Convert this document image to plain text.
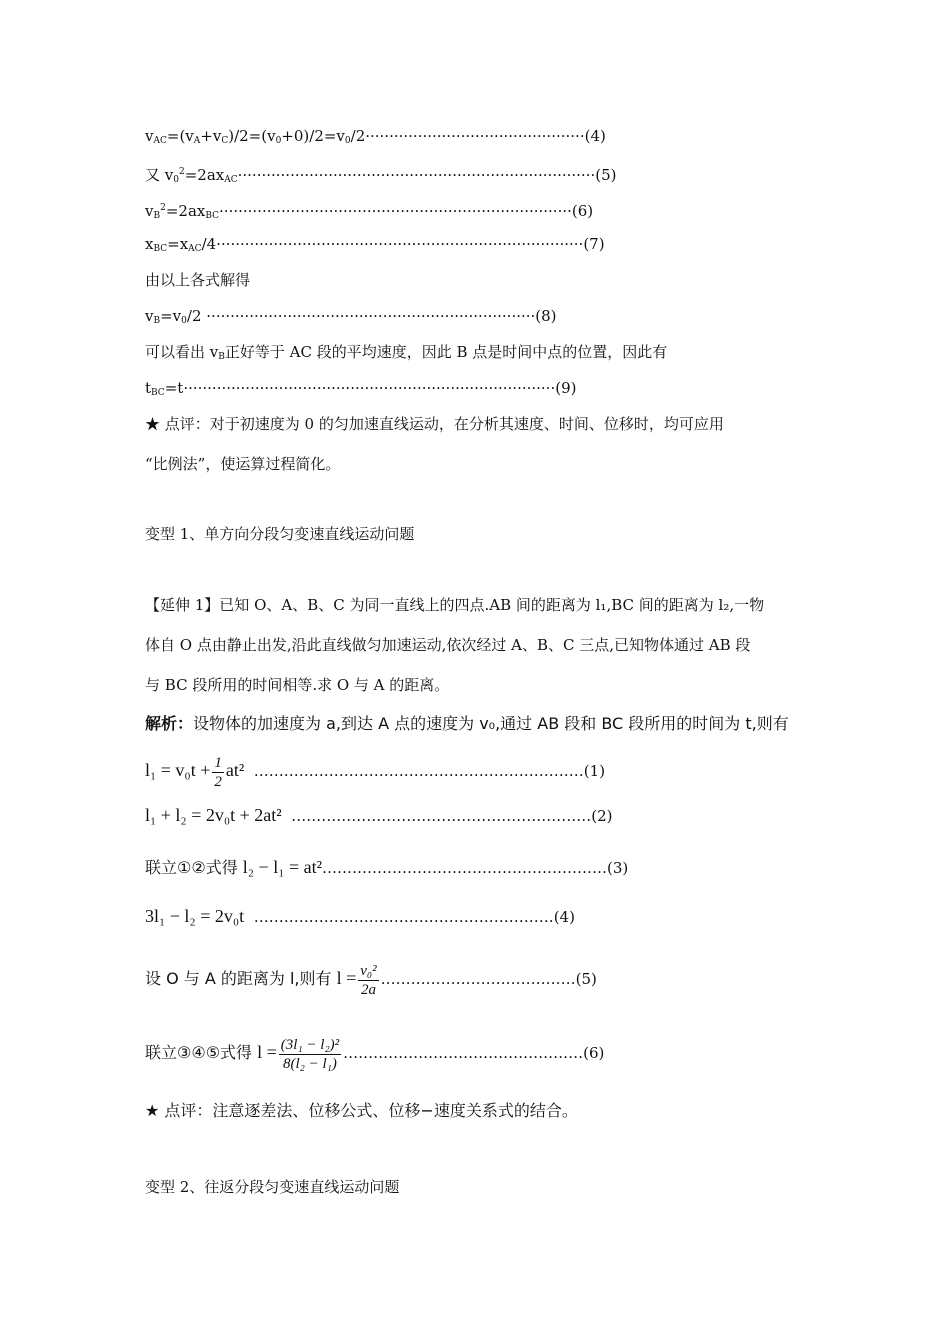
$v_{AC}=(v_A+v_C)/2=(v_0+0)/2=v_0/2\cdot\cdot\cdot\cdot\cdot\cdot\cdot\cdot\cdot\cdot\cdot\cdot\cdot\cdot\cdot\cdot\cdot\cdot\cdot\cdot\cdot\cdot\cdot\cdot\cdot\cdot\cdot\cdot\cdot\cdot\cdot\cdot\cdot\cdot\cdot\cdot\cdot\cdot\cdot\cdot\cdot\cdot\cdot\cdot\cdot\cdot(4)$
又 $v_0^2=2ax_{AC}\cdot\cdot\cdot\cdot\cdot\cdot\cdot\cdot\cdot\cdot\cdot\cdot\cdot\cdot\cdot\cdot\cdot\cdot\cdot\cdot\cdot\cdot\cdot\cdot\cdot\cdot\cdot\cdot\cdot\cdot\cdot\cdot\cdot\cdot\cdot\cdot\cdot\cdot\cdot\cdot\cdot\cdot\cdot\cdot\cdot\cdot\cdot\cdot\cdot\cdot\cdot\cdot\cdot\cdot\cdot\cdot\cdot\cdot\cdot\cdot\cdot\cdot\cdot\cdot\cdot\cdot\cdot\cdot\cdot\cdot\cdot\cdot\cdot\cdot\cdot(5)$
$v_B^2=2ax_{BC}\cdot\cdot\cdot\cdot\cdot\cdot\cdot\cdot\cdot\cdot\cdot\cdot\cdot\cdot\cdot\cdot\cdot\cdot\cdot\cdot\cdot\cdot\cdot\cdot\cdot\cdot\cdot\cdot\cdot\cdot\cdot\cdot\cdot\cdot\cdot\cdot\cdot\cdot\cdot\cdot\cdot\cdot\cdot\cdot\cdot\cdot\cdot\cdot\cdot\cdot\cdot\cdot\cdot\cdot\cdot\cdot\cdot\cdot\cdot\cdot\cdot\cdot\cdot\cdot\cdot\cdot\cdot\cdot\cdot\cdot\cdot\cdot\cdot\cdot(6)$
$x_{BC}=x_{AC}/4\cdot\cdot\cdot\cdot\cdot\cdot\cdot\cdot\cdot\cdot\cdot\cdot\cdot\cdot\cdot\cdot\cdot\cdot\cdot\cdot\cdot\cdot\cdot\cdot\cdot\cdot\cdot\cdot\cdot\cdot\cdot\cdot\cdot\cdot\cdot\cdot\cdot\cdot\cdot\cdot\cdot\cdot\cdot\cdot\cdot\cdot\cdot\cdot\cdot\cdot\cdot\cdot\cdot\cdot\cdot\cdot\cdot\cdot\cdot\cdot\cdot\cdot\cdot\cdot\cdot\cdot\cdot\cdot\cdot\cdot\cdot\cdot\cdot\cdot\cdot\cdot\cdot(7)$
由以上各式解得
$v_B=v_0/2 \cdot\cdot\cdot\cdot\cdot\cdot\cdot\cdot\cdot\cdot\cdot\cdot\cdot\cdot\cdot\cdot\cdot\cdot\cdot\cdot\cdot\cdot\cdot\cdot\cdot\cdot\cdot\cdot\cdot\cdot\cdot\cdot\cdot\cdot\cdot\cdot\cdot\cdot\cdot\cdot\cdot\cdot\cdot\cdot\cdot\cdot\cdot\cdot\cdot\cdot\cdot\cdot\cdot\cdot\cdot\cdot\cdot\cdot\cdot\cdot\cdot\cdot\cdot\cdot\cdot\cdot\cdot\cdot\cdot(8)$
可以看出 $v_B$正好等于 AC 段的平均速度，因此 B 点是时间中点的位置，因此有
$t_{BC}=t\cdot\cdot\cdot\cdot\cdot\cdot\cdot\cdot\cdot\cdot\cdot\cdot\cdot\cdot\cdot\cdot\cdot\cdot\cdot\cdot\cdot\cdot\cdot\cdot\cdot\cdot\cdot\cdot\cdot\cdot\cdot\cdot\cdot\cdot\cdot\cdot\cdot\cdot\cdot\cdot\cdot\cdot\cdot\cdot\cdot\cdot\cdot\cdot\cdot\cdot\cdot\cdot\cdot\cdot\cdot\cdot\cdot\cdot\cdot\cdot\cdot\cdot\cdot\cdot\cdot\cdot\cdot\cdot\cdot\cdot\cdot\cdot\cdot\cdot\cdot\cdot\cdot\cdot(9)$
★ 点评：对于初速度为 0 的匀加速直线运动，在分析其速度、时间、位移时，均可应用
“比例法”，使运算过程简化。
变型 1、单方向分段匀变速直线运动问题
【延伸 1】已知 O、A、B、C 为同一直线上的四点.AB 间的距离为 l₁,BC 间的距离为 l₂,一物
体自 O 点由静止出发,沿此直线做匀加速运动,依次经过 A、B、C 三点,已知物体通过 AB 段
与 BC 段所用的时间相等.求 O 与 A 的距离。
解析：设物体的加速度为 a,到达 A 点的速度为 v₀,通过 AB 段和 BC 段所用的时间为 t,则有
$l_1 = v_0t + \frac{1}{2} at^2$ …………………………………………………………(1)
l₁ + l₂ = 2v₀t + 2at² ……………………………………………………(2)
联立①②式得 l₂ − l₁ = at²…………………………………………………(3)
3l₁ − l₂ = 2v₀t ……………………………………………………(4)
设 O 与 A 的距离为 l,则有 $l = \frac{\text{v₀²}}{2a}$ …………………………………(5)
联立③④⑤式得 $l = \frac{\text{(3l₁ − l₂)²}}{\text{8(l₂ − l₁)}}$ …………………………………………(6)
★ 点评：注意逐差法、位移公式、位移−速度关系式的结合。
变型 2、往返分段匀变速直线运动问题
